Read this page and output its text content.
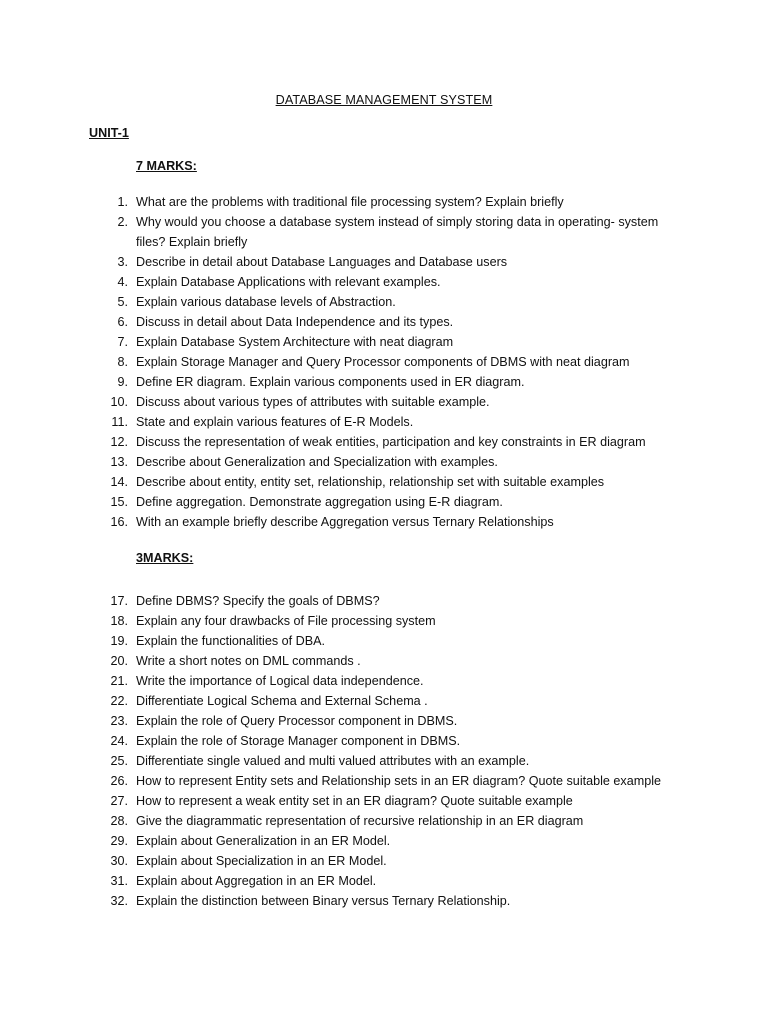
DATABASE MANAGEMENT SYSTEM
UNIT-1
7 MARKS:
1. What are the problems with traditional file processing system? Explain briefly
2. Why would you choose a database system instead of simply storing data in operating- system files? Explain briefly
3. Describe in detail about Database Languages and Database users
4. Explain Database Applications with relevant examples.
5. Explain various database levels of Abstraction.
6. Discuss in detail about Data Independence and its types.
7. Explain Database System Architecture with neat diagram
8. Explain Storage Manager and Query Processor components of DBMS with neat diagram
9. Define ER diagram. Explain various components used in ER diagram.
10. Discuss about various types of attributes with suitable example.
11. State and explain various features of E-R Models.
12. Discuss the representation of weak entities, participation and key constraints in ER diagram
13. Describe about Generalization and Specialization with examples.
14. Describe about entity, entity set, relationship, relationship set with suitable examples
15. Define aggregation. Demonstrate aggregation using E-R diagram.
16. With an example briefly describe Aggregation versus Ternary Relationships
3MARKS:
17. Define DBMS? Specify the goals of DBMS?
18. Explain any four drawbacks of File processing system
19. Explain the functionalities of DBA.
20. Write a short notes on DML commands .
21. Write the importance of Logical data independence.
22. Differentiate Logical Schema and External Schema .
23. Explain the role of Query Processor component in DBMS.
24. Explain the role of Storage Manager component in DBMS.
25. Differentiate single valued and multi valued attributes with an example.
26. How to represent Entity sets and Relationship sets in an ER diagram? Quote suitable example
27. How to represent a weak entity set in an ER diagram? Quote suitable example
28. Give the diagrammatic representation of recursive relationship in an ER diagram
29. Explain about Generalization in an ER Model.
30. Explain about Specialization in an ER Model.
31. Explain about Aggregation in an ER Model.
32. Explain the distinction between Binary versus Ternary Relationship.
